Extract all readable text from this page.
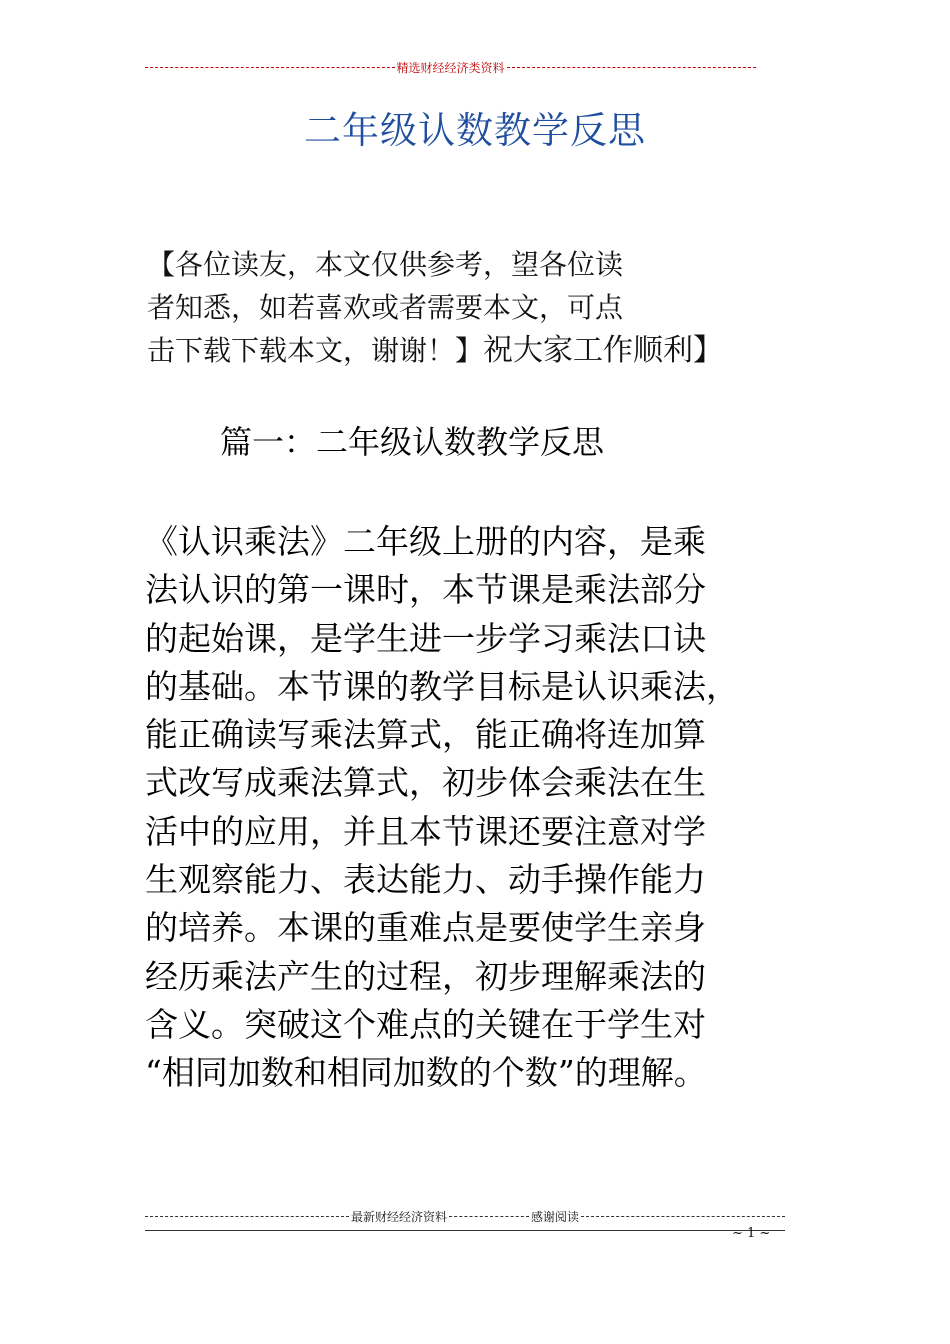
精选财经经济类资料
二年级认数教学反思
【各位读友，本文仅供参考，望各位读
者知悉，如若喜欢或者需要本文，可点
击下载下载本文，谢谢！】祝大家工作顺利】
篇一：二年级认数教学反思
《认识乘法》二年级上册的内容，是乘
法认识的第一课时，本节课是乘法部分
的起始课，是学生进一步学习乘法口诀
的基础。本节课的教学目标是认识乘法，
能正确读写乘法算式，能正确将连加算
式改写成乘法算式，初步体会乘法在生
活中的应用，并且本节课还要注意对学
生观察能力、表达能力、动手操作能力
的培养。本课的重难点是要使学生亲身
经历乘法产生的过程，初步理解乘法的
含义。突破这个难点的关键在于学生对
“相同加数和相同加数的个数”的理解。
最新财经经济资料	感谢阅读
~ 1 ~
